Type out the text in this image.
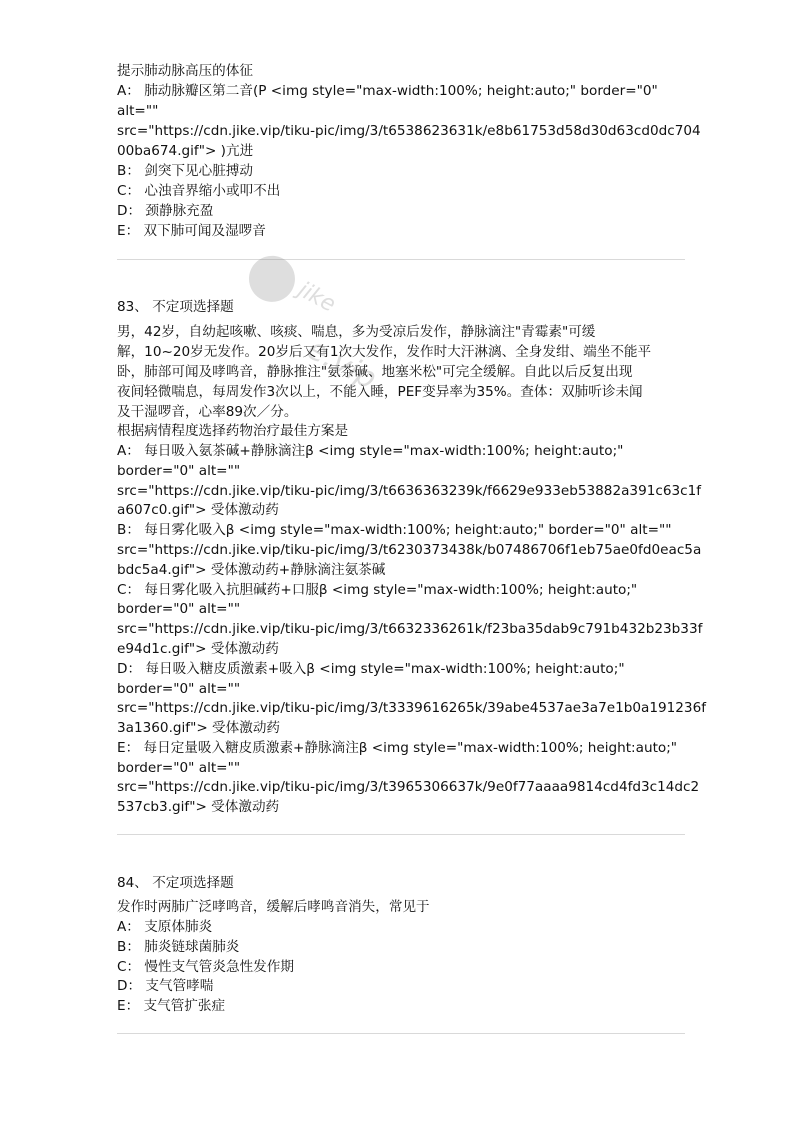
提示肺动脉高压的体征
A： 肺动脉瓣区第二音(P <img style="max-width:100%; height:auto;" border="0"
alt=""
src="https://cdn.jike.vip/tiku-pic/img/3/t6538623631k/e8b61753d58d30d63cd0dc704
00ba674.gif"> )亢进
B： 剑突下见心脏搏动
C： 心浊音界缩小或叩不出
D： 颈静脉充盈
E： 双下肺可闻及湿啰音
83、 不定项选择题
男，42岁，自幼起咳嗽、咳痰、喘息，多为受凉后发作，静脉滴注"青霉素"可缓
解，10~20岁无发作。20岁后又有1次大发作，发作时大汗淋漓、全身发绀、端坐不能平
卧，肺部可闻及哮鸣音，静脉推注"氨茶碱、地塞米松"可完全缓解。自此以后反复出现
夜间轻微喘息，每周发作3次以上，不能入睡，PEF变异率为35%。查体：双肺听诊未闻
及干湿啰音，心率89次／分。
根据病情程度选择药物治疗最佳方案是
A： 每日吸入氨茶碱+静脉滴注β <img style="max-width:100%; height:auto;"
border="0" alt=""
src="https://cdn.jike.vip/tiku-pic/img/3/t6636363239k/f6629e933eb53882a391c63c1f
a607c0.gif"> 受体激动药
B： 每日雾化吸入β <img style="max-width:100%; height:auto;" border="0" alt=""
src="https://cdn.jike.vip/tiku-pic/img/3/t6230373438k/b07486706f1eb75ae0fd0eac5a
bdc5a4.gif"> 受体激动药+静脉滴注氨茶碱
C： 每日雾化吸入抗胆碱药+口服β <img style="max-width:100%; height:auto;"
border="0" alt=""
src="https://cdn.jike.vip/tiku-pic/img/3/t6632336261k/f23ba35dab9c791b432b23b33f
e94d1c.gif"> 受体激动药
D： 每日吸入糖皮质激素+吸入β <img style="max-width:100%; height:auto;"
border="0" alt=""
src="https://cdn.jike.vip/tiku-pic/img/3/t3339616265k/39abe4537ae3a7e1b0a191236f
3a1360.gif"> 受体激动药
E： 每日定量吸入糖皮质激素+静脉滴注β <img style="max-width:100%; height:auto;"
border="0" alt=""
src="https://cdn.jike.vip/tiku-pic/img/3/t3965306637k/9e0f77aaaa9814cd4fd3c14dc2
537cb3.gif"> 受体激动药
84、 不定项选择题
发作时两肺广泛哮鸣音，缓解后哮鸣音消失，常见于
A： 支原体肺炎
B： 肺炎链球菌肺炎
C： 慢性支气管炎急性发作期
D： 支气管哮喘
E： 支气管扩张症
jike
e.vip
